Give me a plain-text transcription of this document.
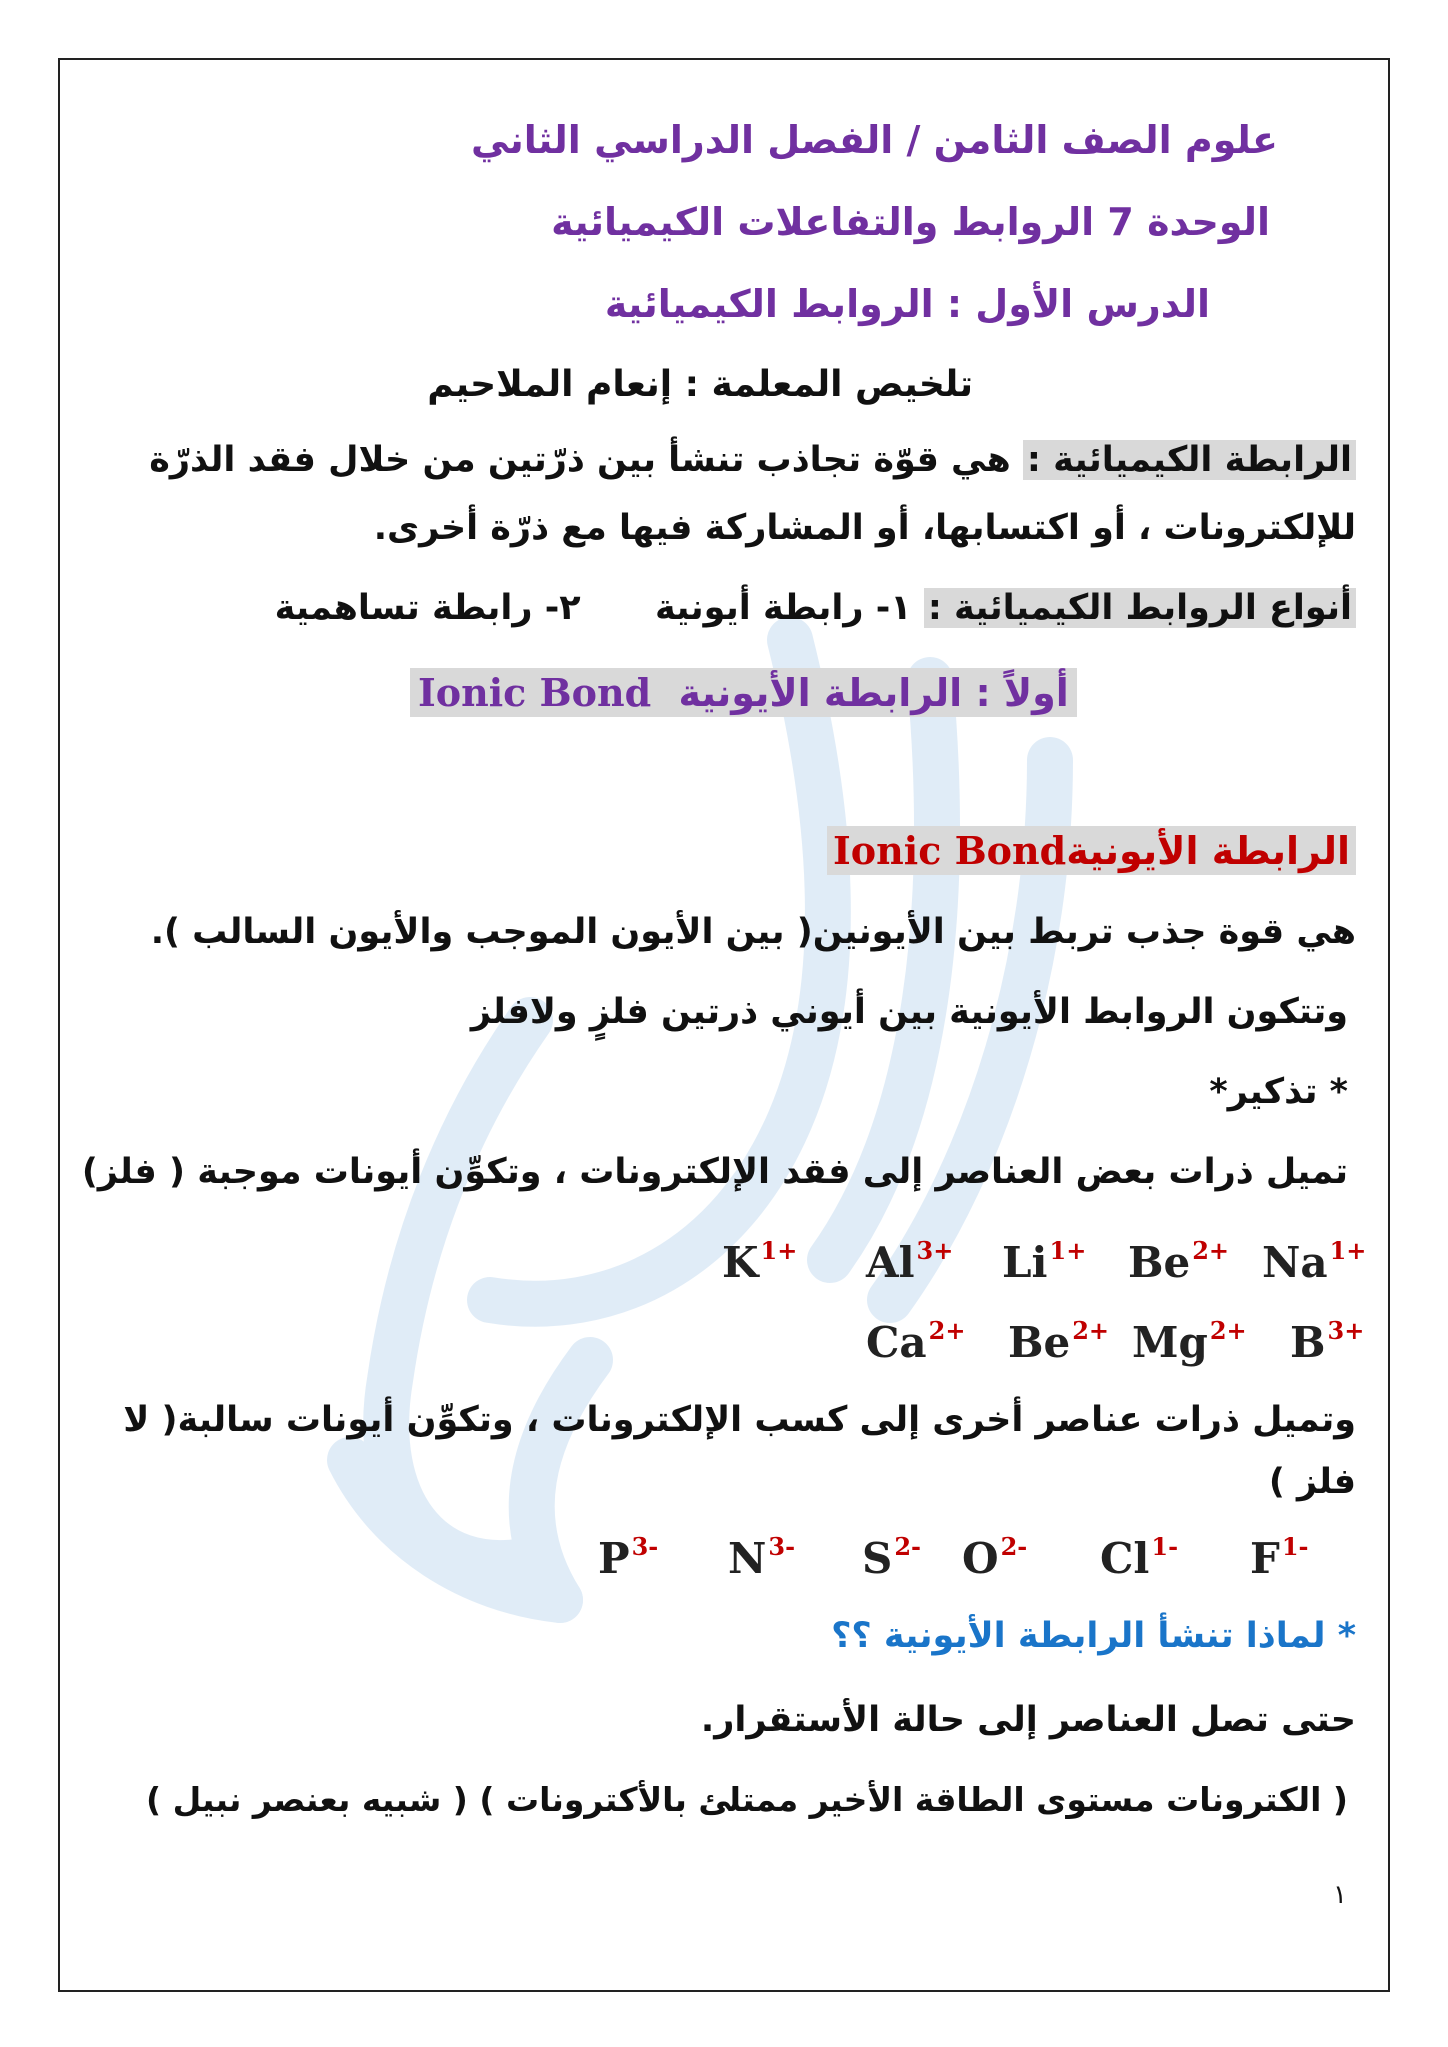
علوم الصف الثامن / الفصل الدراسي الثاني
الوحدة 7 الروابط والتفاعلات الكيميائية
الدرس الأول : الروابط الكيميائية
تلخيص المعلمة : إنعام الملاحيم
الرابطة الكيميائية : هي قوّة تجاذب تنشأ بين ذرّتين من خلال فقد الذرّة
للإلكترونات ، أو اكتسابها، أو المشاركة فيها مع ذرّة أخرى.
أنواع الروابط الكيميائية : ١- رابطة أيونية  ٢- رابطة تساهمية
Ionic Bond أولاً : الرابطة الأيونية
Ionic Bondالرابطة الأيونية
هي قوة جذب تربط بين الأيونين( بين الأيون الموجب والأيون السالب ).
وتتكون الروابط الأيونية بين أيوني ذرتين فلزٍ ولافلز
* تذكير*
تميل ذرات بعض العناصر إلى فقد الإلكترونات ، وتكوِّن أيونات موجبة ( فلز)
$K^{1+}$ $Al^{3+}$ $Li^{1+}$ $Be^{2+}$ $Na^{1+}$
$Ca^{2+}$ $Be^{2+}$ $Mg^{2+}$ $B^{3+}$
وتميل ذرات عناصر أخرى إلى كسب الإلكترونات ، وتكوِّن أيونات سالبة( لا
فلز )
$P^{3-}$ $N^{3-}$ $S^{2-}$ $O^{2-}$ $Cl^{1-}$ $F^{1-}$
* لماذا تنشأ الرابطة الأيونية ؟؟
حتى تصل العناصر إلى حالة الأستقرار.
( الكترونات مستوى الطاقة الأخير ممتلئ بالأكترونات ) ( شبيه بعنصر نبيل )
١
